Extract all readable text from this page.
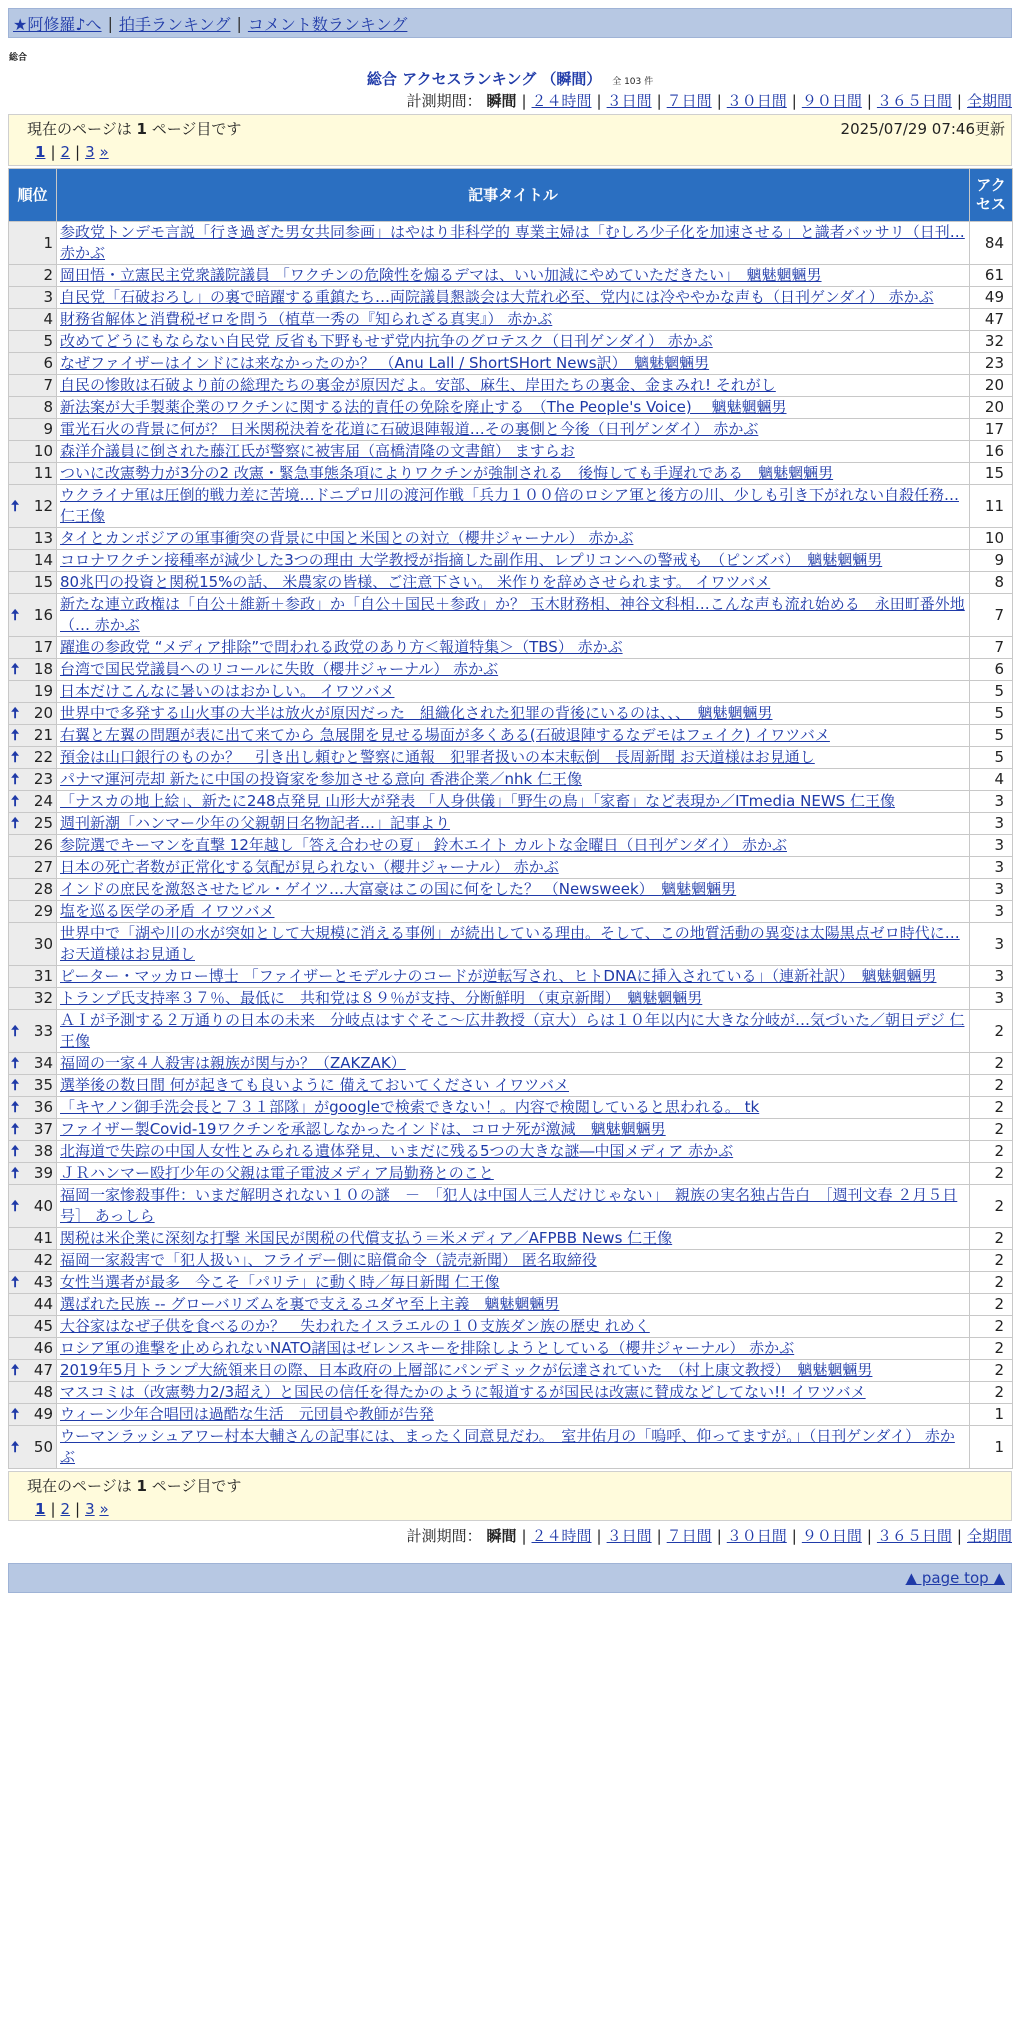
★阿修羅♪へ | 拍手ランキング | コメント数ランキング
総合
総合 アクセスランキング （瞬間） 全 103 件
計測期間： 瞬間 | ２４時間 | ３日間 | ７日間 | ３０日間 | ９０日間 | ３６５日間 | 全期間
現在のページは 1 ページ目です	2025/07/29 07:46更新
1 | 2 | 3 »
順位	記事タイトル	アクセス
1	参政党トンデモ言説「行き過ぎた男女共同参画」はやはり非科学的 専業主婦は「むしろ少子化を加速させる」と識者バッサリ（日刊… 赤かぶ	84
2	岡田悟・立憲民主党衆議院議員 「ワクチンの危険性を煽るデマは、いい加減にやめていただきたい」　魑魅魍魎男	61
3	自民党「石破おろし」の裏で暗躍する重鎮たち…両院議員懇談会は大荒れ必至、党内には冷ややかな声も（日刊ゲンダイ） 赤かぶ	49
4	財務省解体と消費税ゼロを問う（植草一秀の『知られざる真実』） 赤かぶ	47
5	改めてどうにもならない自民党 反省も下野もせず党内抗争のグロテスク（日刊ゲンダイ） 赤かぶ	32
6	なぜファイザーはインドには来なかったのか？ （Anu Lall / ShortSHort News訳）　魑魅魍魎男	23
7	自民の惨敗は石破より前の総理たちの裏金が原因だよ。安部、麻生、岸田たちの裏金、金まみれ! それがし	20
8	新法案が大手製薬企業のワクチンに関する法的責任の免除を廃止する　（The People's Voice)　 魑魅魍魎男	20
9	電光石火の背景に何が？ 日米関税決着を花道に石破退陣報道…その裏側と今後（日刊ゲンダイ） 赤かぶ	17
10	森洋介議員に倒された藤江氏が警察に被害届（高橋清隆の文書館） ますらお	16
11	ついに改憲勢力が3分の2 改憲・緊急事態条項によりワクチンが強制される　後悔しても手遅れである　魑魅魍魎男	15

🠅 12	ウクライナ軍は圧倒的戦力差に苦境…ドニプロ川の渡河作戦「兵力１００倍のロシア軍と後方の川、少しも引き下がれない自殺任務… 仁王像	11
13	タイとカンボジアの軍事衝突の背景に中国と米国との対立（櫻井ジャーナル） 赤かぶ	10
14	コロナワクチン接種率が減少した3つの理由 大学教授が指摘した副作用、レプリコンへの警戒も　（ピンズバ）　魑魅魍魎男	9
15	80兆円の投資と関税15%の話、 米農家の皆様、ご注意下さい。 米作りを辞めさせられます。 イワツバメ	8

🠅 16	新たな連立政権は「自公＋維新＋参政」か「自公＋国民＋参政」か？ 玉木財務相、神谷文科相…こんな声も流れ始める　永田町番外地（… 赤かぶ	7
17	躍進の参政党 “メディア排除”で問われる政党のあり方＜報道特集＞（TBS） 赤かぶ	7

🠅 18	台湾で国民党議員へのリコールに失敗（櫻井ジャーナル） 赤かぶ	6
19	日本だけこんなに暑いのはおかしい。 イワツバメ	5

🠅 20	世界中で多発する山火事の大半は放火が原因だった　組織化された犯罪の背後にいるのは、、、　魑魅魍魎男	5

🠅 21	右翼と左翼の問題が表に出て来てから 急展開を見せる場面が多くある(石破退陣するなデモはフェイク) イワツバメ	5

🠅 22	預金は山口銀行のものか？　引き出し頼むと警察に通報　犯罪者扱いの本末転倒　長周新聞 お天道様はお見通し	5

🠅 23	パナマ運河売却 新たに中国の投資家を参加させる意向 香港企業／nhk 仁王像	4

🠅 24	「ナスカの地上絵」、新たに248点発見 山形大が発表 「人身供儀」「野生の鳥」「家畜」など表現か／ITmedia NEWS 仁王像	3

🠅 25	週刊新潮「ハンマー少年の父親朝日名物記者…」記事より	3
26	参院選でキーマンを直撃 12年越し「答え合わせの夏」 鈴木エイト カルトな金曜日（日刊ゲンダイ） 赤かぶ	3
27	日本の死亡者数が正常化する気配が見られない（櫻井ジャーナル） 赤かぶ	3
28	インドの庶民を激怒させたビル・ゲイツ…大富豪はこの国に何をした？ （Newsweek）　魑魅魍魎男	3
29	塩を巡る医学の矛盾 イワツバメ	3
30	世界中で「湖や川の水が突如として大規模に消える事例」が続出している理由。そして、この地質活動の異変は太陽黒点ゼロ時代に… お天道様はお見通し	3
31	ピーター・マッカロー博士 「ファイザーとモデルナのコードが逆転写され、ヒトDNAに挿入されている」（連新社訳）　魑魅魍魎男	3
32	トランプ氏支持率３７％、最低に　共和党は８９％が支持、分断鮮明 （東京新聞）　魑魅魍魎男	3

🠅 33	ＡＩが予測する２万通りの日本の未来　分岐点はすぐそこ～広井教授（京大）らは１０年以内に大きな分岐が…気づいた／朝日デジ 仁王像	2

🠅 34	福岡の一家４人殺害は親族が関与か？（ZAKZAK）	2

🠅 35	選挙後の数日間 何が起きても良いように 備えておいてください イワツバメ	2

🠅 36	「キヤノン御手洗会長と７３１部隊」がgoogleで検索できない！。内容で検閲していると思われる。 tk	2

🠅 37	ファイザー製Covid-19ワクチンを承認しなかったインドは、コロナ死が激減　魑魅魍魎男	2

🠅 38	北海道で失踪の中国人女性とみられる遺体発見、いまだに残る5つの大きな謎―中国メディア 赤かぶ	2

🠅 39	ＪＲハンマー殴打少年の父親は電子電波メディア局勤務とのこと	2

🠅 40	福岡一家惨殺事件：いまだ解明されない１０の謎　－　「犯人は中国人三人だけじゃない」　親族の実名独占告白　［週刊文春 ２月５日号］ あっしら	2
41	関税は米企業に深刻な打撃 米国民が関税の代償支払う＝米メディア／AFPBB News 仁王像	2
42	福岡一家殺害で「犯人扱い」、フライデー側に賠償命令（読売新聞） 匿名取締役	2

🠅 43	女性当選者が最多　今こそ「パリテ」に動く時／毎日新聞 仁王像	2
44	選ばれた民族 -- グローバリズムを裏で支えるユダヤ至上主義　魑魅魍魎男	2
45	大谷家はなぜ子供を食べるのか？　失われたイスラエルの１０支族ダン族の歴史 れめく	2
46	ロシア軍の進撃を止められないNATO諸国はゼレンスキーを排除しようとしている（櫻井ジャーナル） 赤かぶ	2

🠅 47	2019年5月トランプ大統領来日の際、日本政府の上層部にパンデミックが伝達されていた　（村上康文教授）　魑魅魍魎男	2
48	マスコミは（改憲勢力2/3超え）と国民の信任を得たかのように報道するが国民は改憲に賛成などしてない!! イワツバメ	2

🠅 49	ウィーン少年合唱団は過酷な生活　元団員や教師が告発	1

🠅 50	ウーマンラッシュアワー村本大輔さんの記事には、まったく同意見だわ。　室井佑月の「嗚呼、仰ってますが。」（日刊ゲンダイ） 赤かぶ	1
現在のページは 1 ページ目です
1 | 2 | 3 »
計測期間： 瞬間 | ２４時間 | ３日間 | ７日間 | ３０日間 | ９０日間 | ３６５日間 | 全期間
▲ page top ▲
